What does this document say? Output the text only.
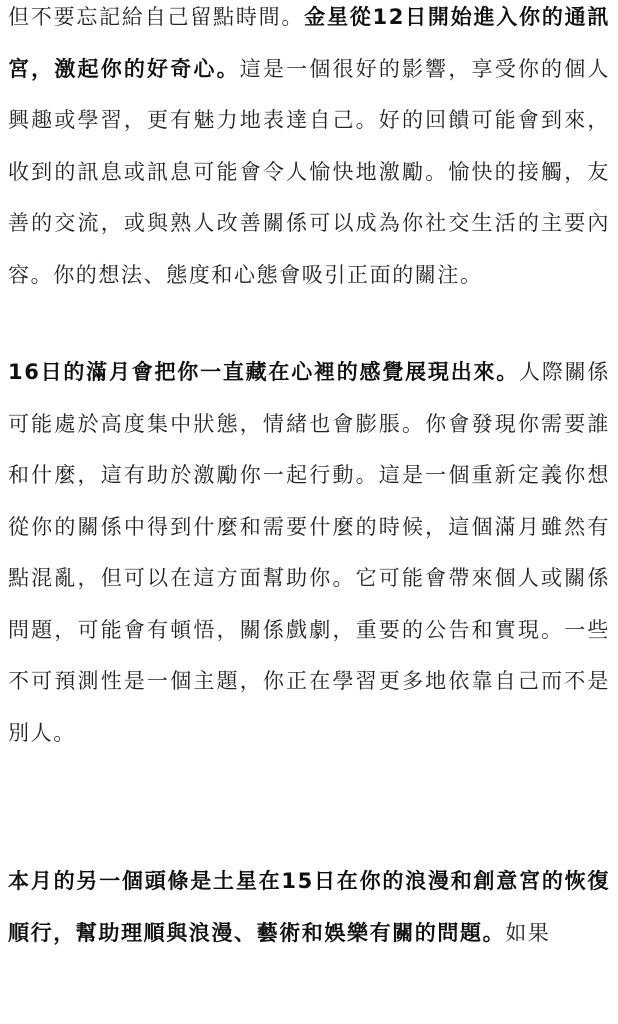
但不要忘記給自己留點時間。金星從12日開始進入你的通訊宮，激起你的好奇心。這是一個很好的影響，享受你的個人興趣或學習，更有魅力地表達自己。好的回饋可能會到來，收到的訊息或訊息可能會令人愉快地激勵。愉快的接觸，友善的交流，或與熟人改善關係可以成為你社交生活的主要內容。你的想法、態度和心態會吸引正面的關注。

16日的滿月會把你一直藏在心裡的感覺展現出來。人際關係可能處於高度集中狀態，情緒也會膨脹。你會發現你需要誰和什麼，這有助於激勵你一起行動。這是一個重新定義你想從你的關係中得到什麼和需要什麼的時候，這個滿月雖然有點混亂，但可以在這方面幫助你。它可能會帶來個人或關係問題，可能會有頓悟，關係戲劇，重要的公告和實現。一些不可預測性是一個主題，你正在學習更多地依靠自己而不是別人。

本月的另一個頭條是土星在15日在你的浪漫和創意宮的恢復順行，幫助理順與浪漫、藝術和娛樂有關的問題。如果
